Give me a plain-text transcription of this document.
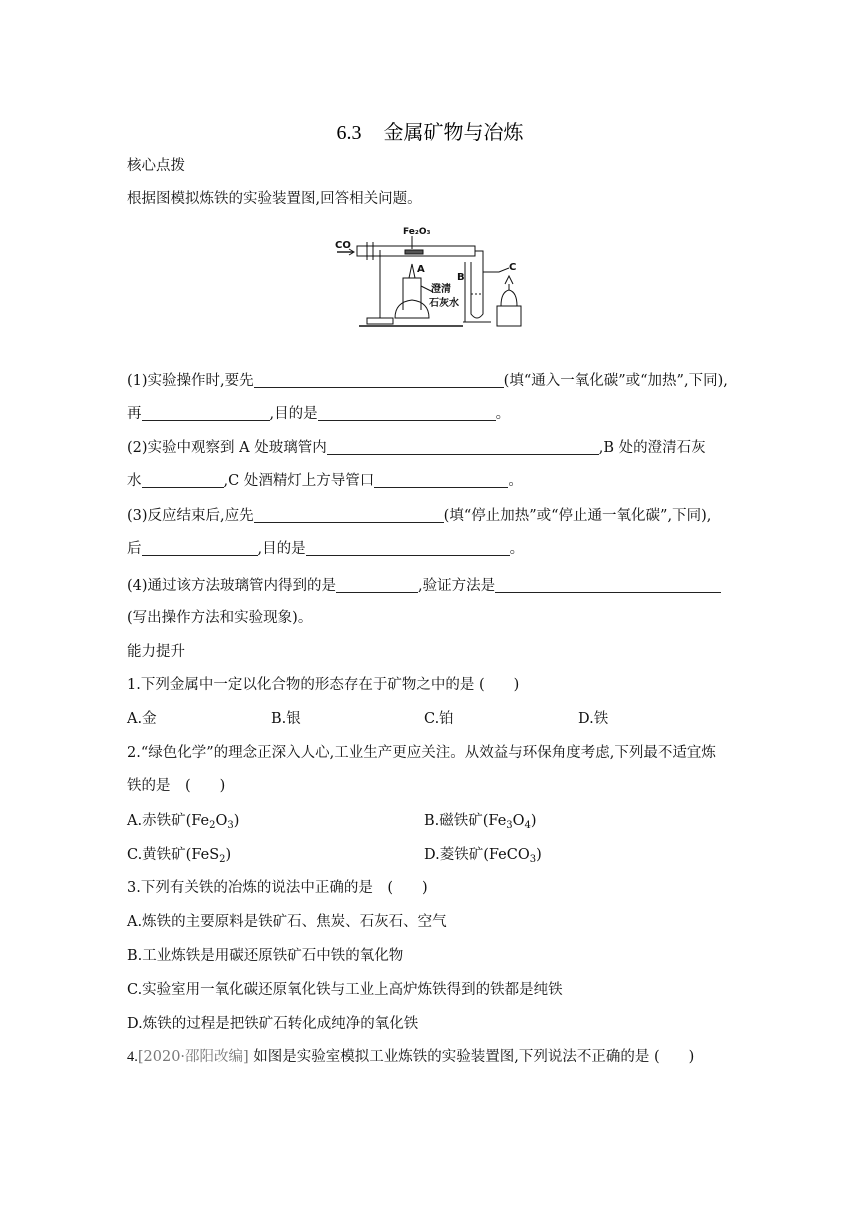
6.3 金属矿物与冶炼
核心点拨
根据图模拟炼铁的实验装置图,回答相关问题。
CO
Fe₂O₃
A
B
C
澄清
石灰水
(1)实验操作时,要先	(填“通入一氧化碳”或“加热”,下同),
再	,目的是	。
(2)实验中观察到 A 处玻璃管内	,B 处的澄清石灰
水	,C 处酒精灯上方导管口	。
(3)反应结束后,应先	(填“停止加热”或“停止通一氧化碳”,下同),
后	,目的是	。
(4)通过该方法玻璃管内得到的是	,验证方法是
(写出操作方法和实验现象)。
能力提升
1.下列金属中一定以化合物的形态存在于矿物之中的是 (　　)
A.金	B.银	C.铂	D.铁
2.“绿色化学”的理念正深入人心,工业生产更应关注。从效益与环保角度考虑,下列最不适宜炼
铁的是　(　　)
A.赤铁矿$(Fe_2O_3)$	B.磁铁矿$(Fe_3O_4)$
C.黄铁矿(FeS$_2$)	D.菱铁矿(FeCO$_3$)
3.下列有关铁的冶炼的说法中正确的是　(　　)
A.炼铁的主要原料是铁矿石、焦炭、石灰石、空气
B.工业炼铁是用碳还原铁矿石中铁的氧化物
C.实验室用一氧化碳还原氧化铁与工业上高炉炼铁得到的铁都是纯铁
D.炼铁的过程是把铁矿石转化成纯净的氧化铁
4.[2020·邵阳改编] 如图是实验室模拟工业炼铁的实验装置图,下列说法不正确的是 (　　)
